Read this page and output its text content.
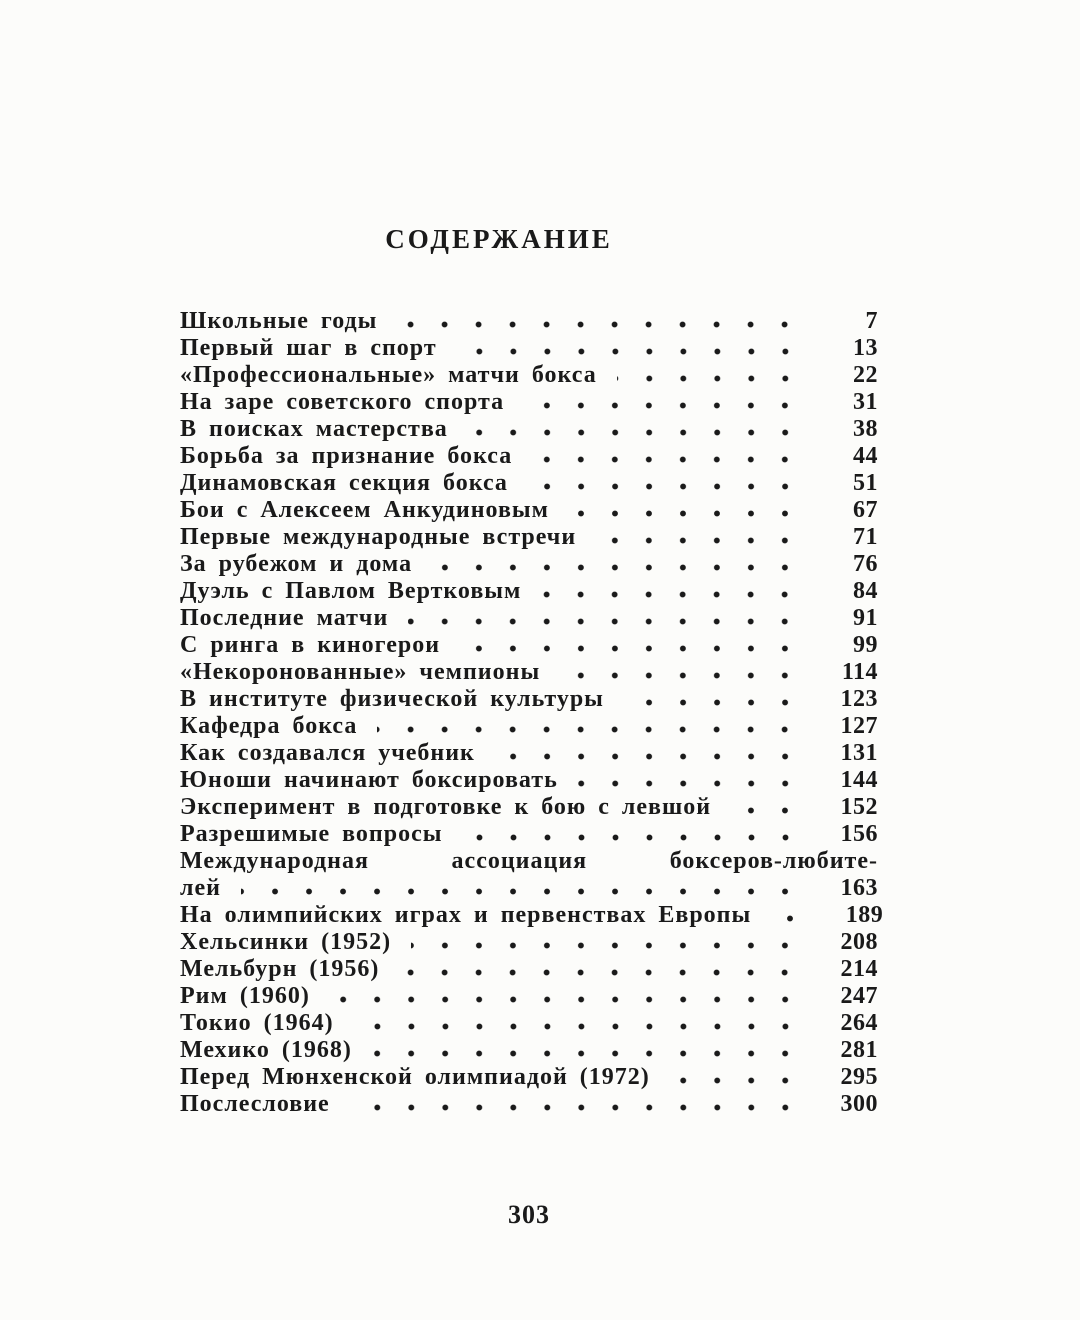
СОДЕРЖАНИЕ
Школьные годы	7
Первый шаг в спорт	13
«Профессиональные» матчи бокса	22
На заре советского спорта	31
В поисках мастерства	38
Борьба за признание бокса	44
Динамовская секция бокса	51
Бои с Алексеем Анкудиновым	67
Первые международные встречи	71
За рубежом и дома	76
Дуэль с Павлом Вертковым	84
Последние матчи	91
С ринга в киногерои	99
«Некоронованные» чемпионы	114
В институте физической культуры	123
Кафедра бокса	127
Как создавался учебник	131
Юноши начинают боксировать	144
Эксперимент в подготовке к бою с левшой	152
Разрешимые вопросы	156
Международная ассоциация боксеров-любите-
лей	163
На олимпийских играх и первенствах Европы	189
Хельсинки (1952)	208
Мельбурн (1956)	214
Рим (1960)	247
Токио (1964)	264
Мехико (1968)	281
Перед Мюнхенской олимпиадой (1972)	295
Послесловие	300
303
